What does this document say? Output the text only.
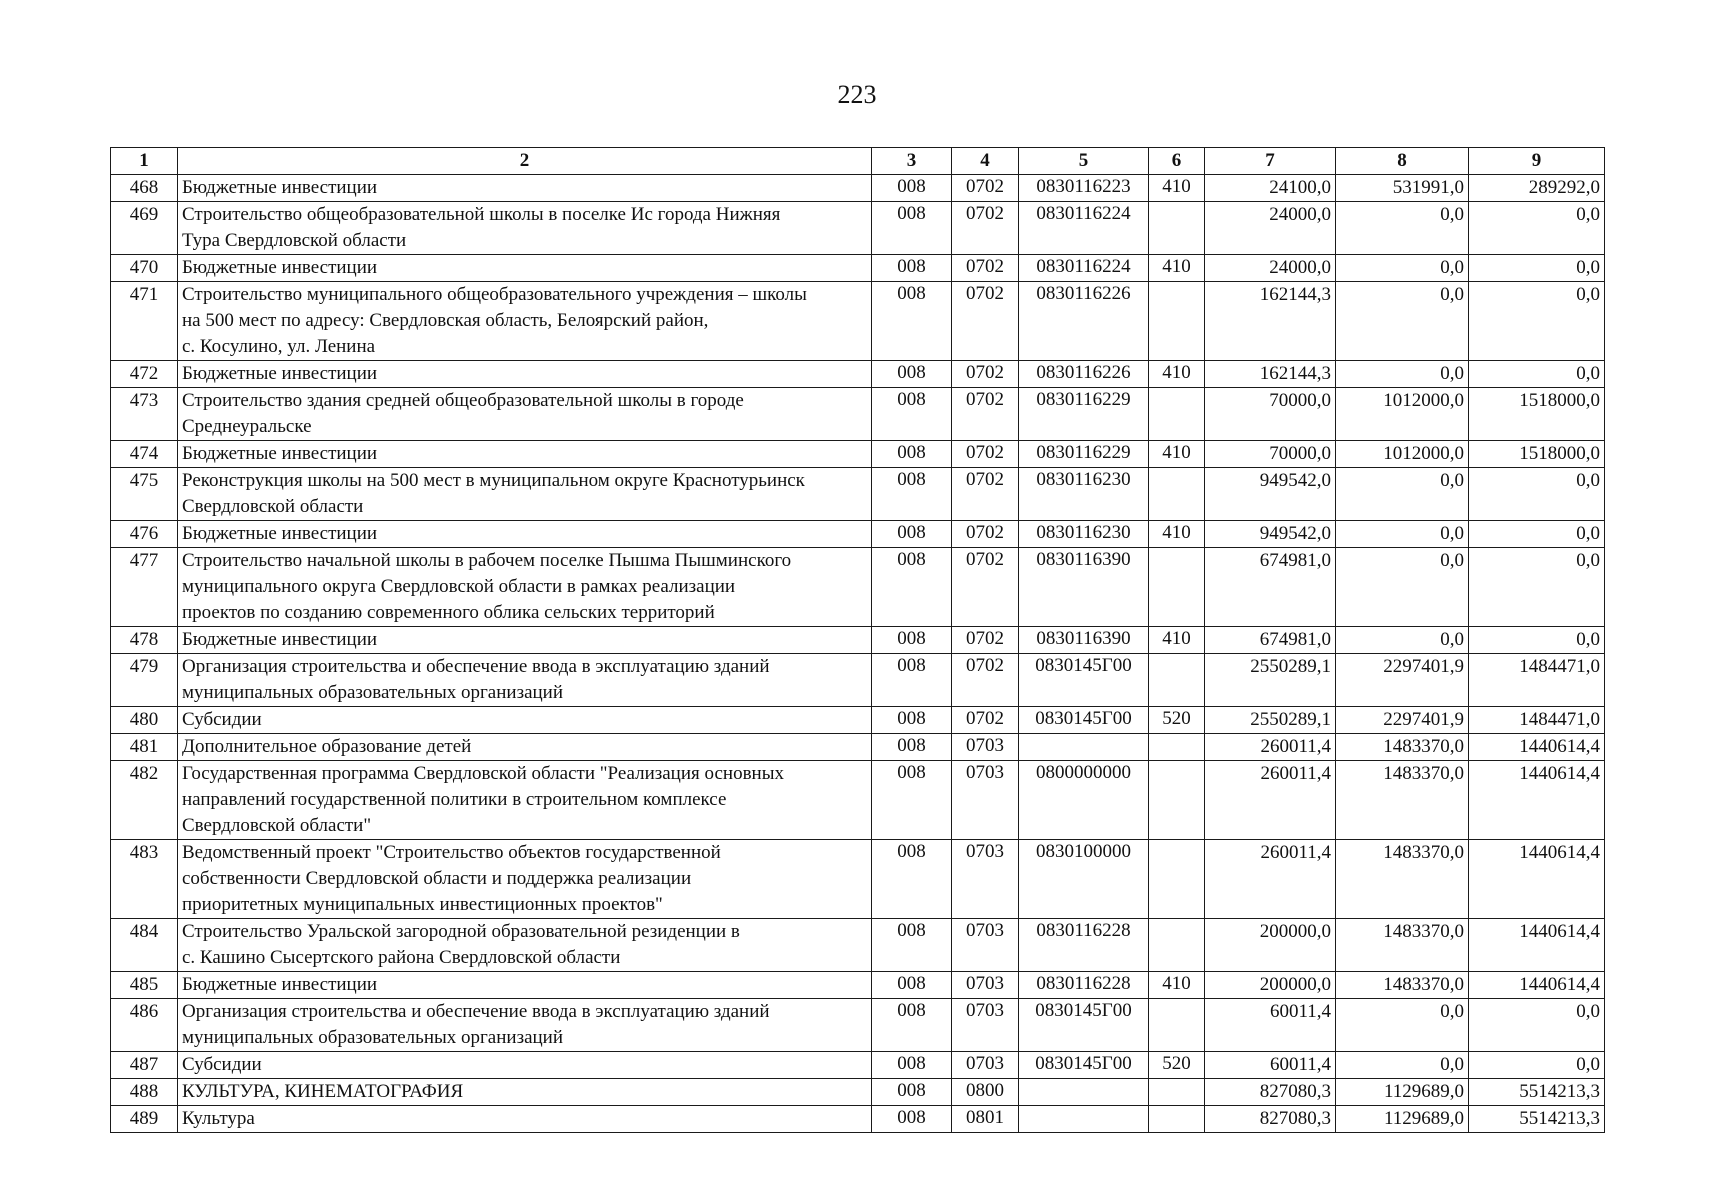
223
1	2	3	4	5	6	7	8	9
468	Бюджетные инвестиции	008	0702	0830116223	410	24100,0	531991,0	289292,0
469	Строительство общеобразовательной школы в поселке Ис города Нижняя
Тура Свердловской области	008	0702	0830116224		24000,0	0,0	0,0
470	Бюджетные инвестиции	008	0702	0830116224	410	24000,0	0,0	0,0
471	Строительство муниципального общеобразовательного учреждения – школы
на 500 мест по адресу: Свердловская область, Белоярский район,
с. Косулино, ул. Ленина	008	0702	0830116226		162144,3	0,0	0,0
472	Бюджетные инвестиции	008	0702	0830116226	410	162144,3	0,0	0,0
473	Строительство здания средней общеобразовательной школы в городе
Среднеуральске	008	0702	0830116229		70000,0	1012000,0	1518000,0
474	Бюджетные инвестиции	008	0702	0830116229	410	70000,0	1012000,0	1518000,0
475	Реконструкция школы на 500 мест в муниципальном округе Краснотурьинск
Свердловской области	008	0702	0830116230		949542,0	0,0	0,0
476	Бюджетные инвестиции	008	0702	0830116230	410	949542,0	0,0	0,0
477	Строительство начальной школы в рабочем поселке Пышма Пышминского
муниципального округа Свердловской области в рамках реализации
проектов по созданию современного облика сельских территорий	008	0702	0830116390		674981,0	0,0	0,0
478	Бюджетные инвестиции	008	0702	0830116390	410	674981,0	0,0	0,0
479	Организация строительства и обеспечение ввода в эксплуатацию зданий
муниципальных образовательных организаций	008	0702	0830145Г00		2550289,1	2297401,9	1484471,0
480	Субсидии	008	0702	0830145Г00	520	2550289,1	2297401,9	1484471,0
481	Дополнительное образование детей	008	0703			260011,4	1483370,0	1440614,4
482	Государственная программа Свердловской области "Реализация основных
направлений государственной политики в строительном комплексе
Свердловской области"	008	0703	0800000000		260011,4	1483370,0	1440614,4
483	Ведомственный проект "Строительство объектов государственной
собственности Свердловской области и поддержка реализации
приоритетных муниципальных инвестиционных проектов"	008	0703	0830100000		260011,4	1483370,0	1440614,4
484	Строительство Уральской загородной образовательной резиденции в
с. Кашино Сысертского района Свердловской области	008	0703	0830116228		200000,0	1483370,0	1440614,4
485	Бюджетные инвестиции	008	0703	0830116228	410	200000,0	1483370,0	1440614,4
486	Организация строительства и обеспечение ввода в эксплуатацию зданий
муниципальных образовательных организаций	008	0703	0830145Г00		60011,4	0,0	0,0
487	Субсидии	008	0703	0830145Г00	520	60011,4	0,0	0,0
488	КУЛЬТУРА, КИНЕМАТОГРАФИЯ	008	0800			827080,3	1129689,0	5514213,3
489	Культура	008	0801			827080,3	1129689,0	5514213,3
